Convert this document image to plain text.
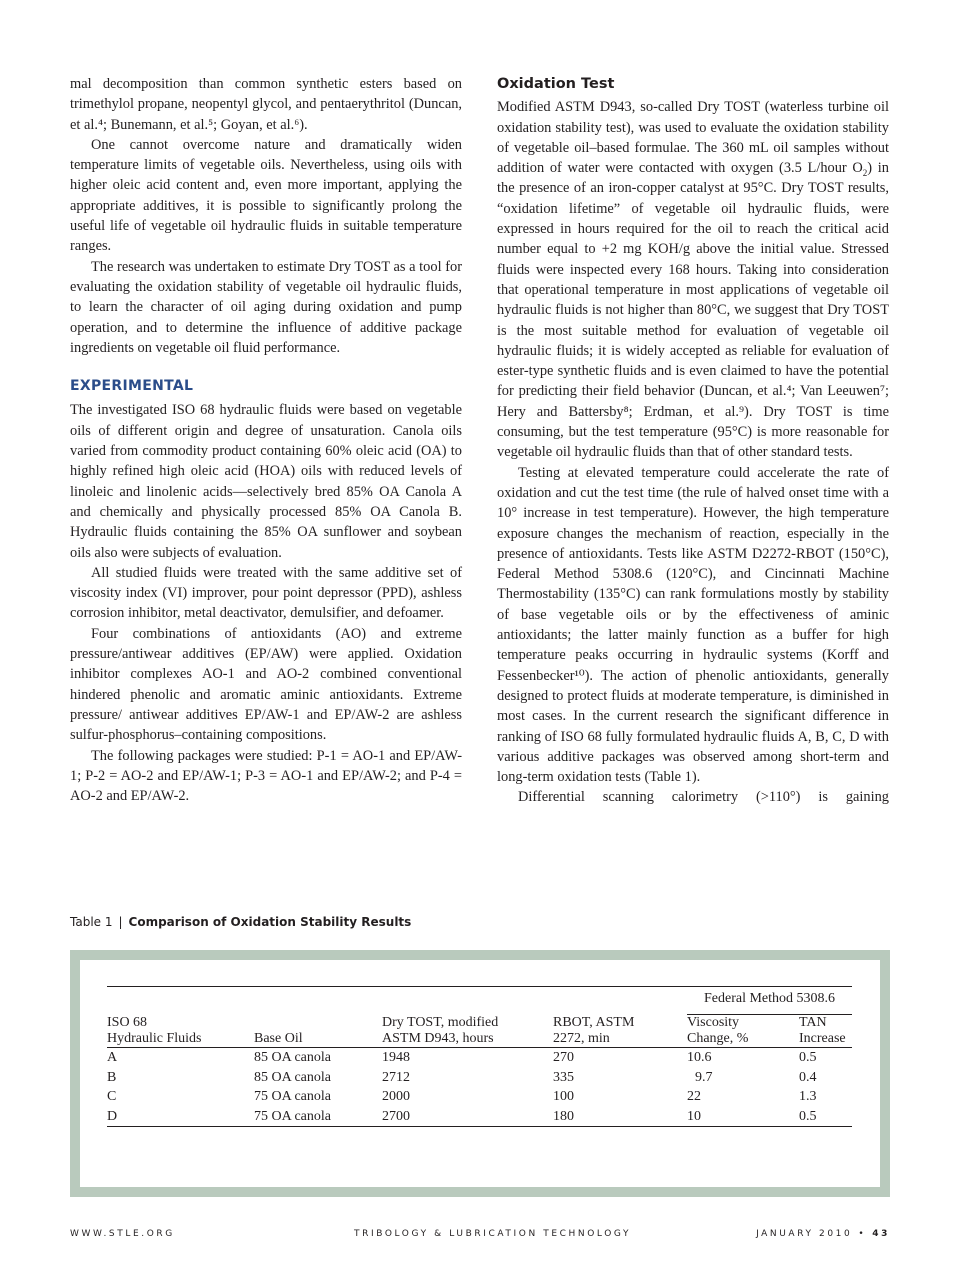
mal decomposition than common synthetic esters based on trimethylol propane, neopentyl glycol, and pentaerythritol (Duncan, et al.⁴; Bunemann, et al.⁵; Goyan, et al.⁶).

One cannot overcome nature and dramatically widen temperature limits of vegetable oils. Nevertheless, using oils with higher oleic acid content and, even more important, applying the appropriate additives, it is possible to significantly prolong the useful life of vegetable oil hydraulic fluids in suitable temperature ranges.

The research was undertaken to estimate Dry TOST as a tool for evaluating the oxidation stability of vegetable oil hydraulic fluids, to learn the character of oil aging during oxidation and pump operation, and to determine the influence of additive package ingredients on vegetable oil fluid performance.

EXPERIMENTAL

The investigated ISO 68 hydraulic fluids were based on vegetable oils of different origin and degree of unsaturation. Canola oils varied from commodity product containing 60% oleic acid (OA) to highly refined high oleic acid (HOA) oils with reduced levels of linoleic and linolenic acids—selectively bred 85% OA Canola A and chemically and physically processed 85% OA Canola B. Hydraulic fluids containing the 85% OA sunflower and soybean oils also were subjects of evaluation.

All studied fluids were treated with the same additive set of viscosity index (VI) improver, pour point depressor (PPD), ashless corrosion inhibitor, metal deactivator, demulsifier, and defoamer.

Four combinations of antioxidants (AO) and extreme pressure/antiwear additives (EP/AW) were applied. Oxidation inhibitor complexes AO-1 and AO-2 combined conventional hindered phenolic and aromatic aminic antioxidants. Extreme pressure/ antiwear additives EP/AW-1 and EP/AW-2 are ashless sulfur-phosphorus–containing compositions.

The following packages were studied: P-1 = AO-1 and EP/AW-1; P-2 = AO-2 and EP/AW-1; P-3 = AO-1 and EP/AW-2; and P-4 = AO-2 and EP/AW-2.

Oxidation Test

Modified ASTM D943, so-called Dry TOST (waterless turbine oil oxidation stability test), was used to evaluate the oxidation stability of vegetable oil–based formulae. The 360 mL oil samples without addition of water were contacted with oxygen (3.5 L/hour $O_2$) in the presence of an iron-copper catalyst at 95°C. Dry TOST results, “oxidation lifetime” of vegetable oil hydraulic fluids, were expressed in hours required for the oil to reach the critical acid number equal to +2 mg KOH/g above the initial value. Stressed fluids were inspected every 168 hours. Taking into consideration that operational temperature in most applications of vegetable oil hydraulic fluids is not higher than 80°C, we suggest that Dry TOST is the most suitable method for evaluation of vegetable oil hydraulic fluids; it is widely accepted as reliable for evaluation of ester-type synthetic fluids and is even claimed to have the potential for predicting their field behavior (Duncan, et al.⁴; Van Leeuwen⁷; Hery and Battersby⁸; Erdman, et al.⁹). Dry TOST is time consuming, but the test temperature (95°C) is more reasonable for vegetable oil hydraulic fluids than that of other standard tests.

Testing at elevated temperature could accelerate the rate of oxidation and cut the test time (the rule of halved onset time with a 10° increase in test temperature). However, the high temperature exposure changes the mechanism of reaction, especially in the presence of antioxidants. Tests like ASTM D2272-RBOT (150°C), Federal Method 5308.6 (120°C), and Cincinnati Machine Thermostability (135°C) can rank formulations mostly by stability of base vegetable oils or by the effectiveness of aminic antioxidants; the latter mainly function as a buffer for high temperature peaks occurring in hydraulic systems (Korff and Fessenbecker¹⁰). The action of phenolic antioxidants, generally designed to protect fluids at moderate temperature, is diminished in most cases. In the current research the significant difference in ranking of ISO 68 fully formulated hydraulic fluids A, B, C, D with various additive packages was observed among short-term and long-term oxidation tests (Table 1).

Differential scanning calorimetry (>110°) is gaining

Table 1 | Comparison of Oxidation Stability Results
				Federal Method 5308.6	
ISO 68		Dry TOST, modified	RBOT, ASTM	Viscosity	TAN
Hydraulic Fluids	Base Oil	ASTM D943, hours	2272, min	Change, %	Increase
A	85 OA canola	1948	270	10.6	0.5
B	85 OA canola	2712	335	9.7	0.4
C	75 OA canola	2000	100	22	1.3
D	75 OA canola	2700	180	10	0.5
WWW.STLE.ORG	TRIBOLOGY & LUBRICATION TECHNOLOGY	JANUARY 2010 • 43
